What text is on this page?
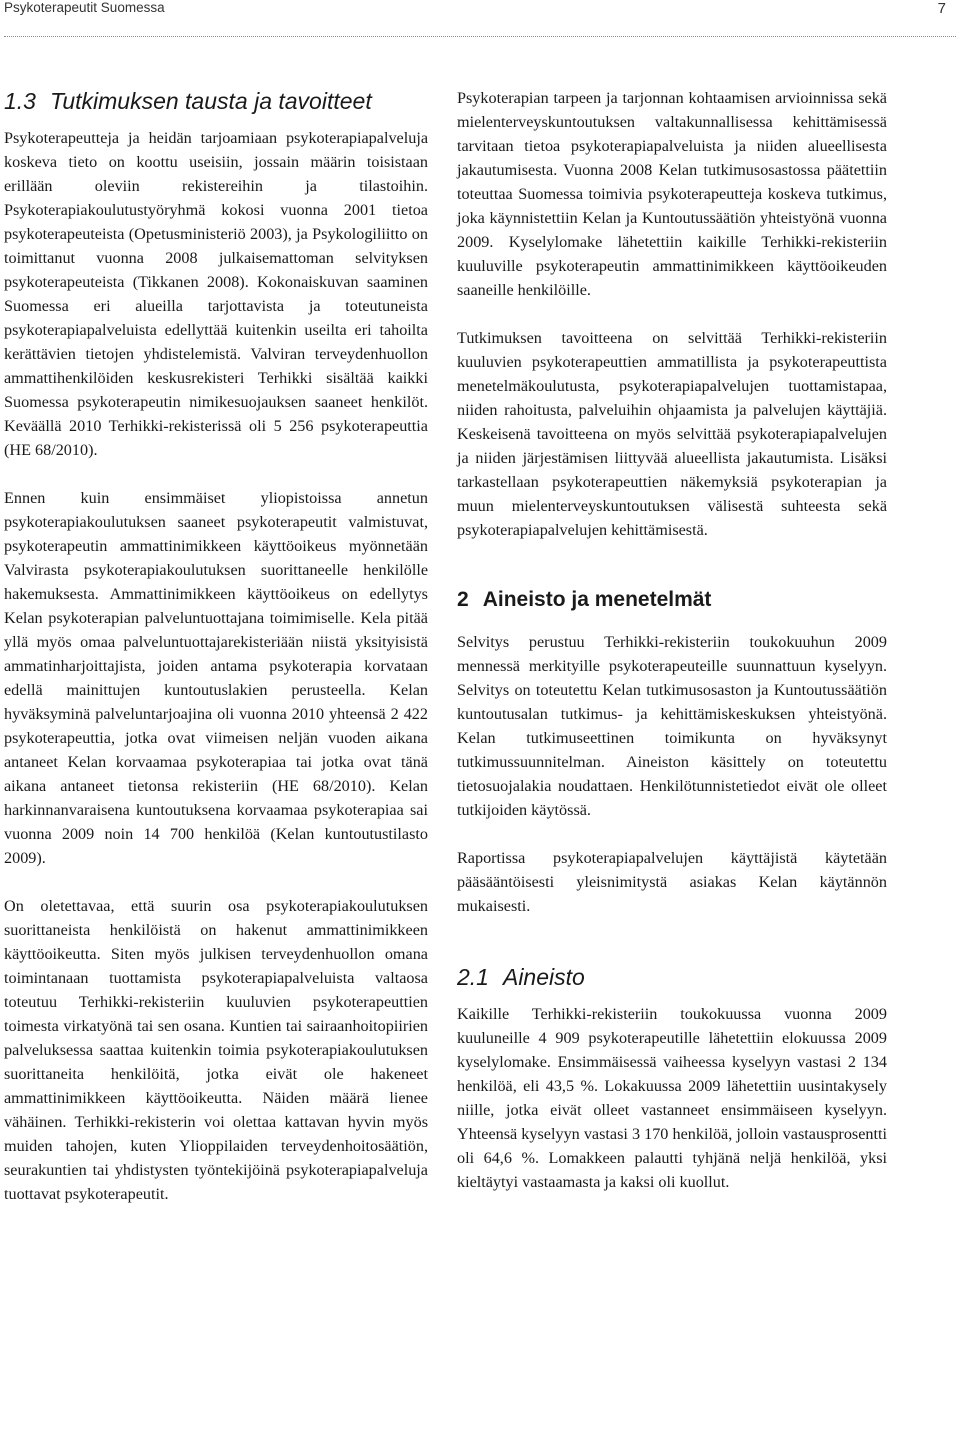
Psykoterapeutit Suomessa	7
1.3 Tutkimuksen tausta ja tavoitteet

Psykoterapeutteja ja heidän tarjoamiaan psykoterapiapalveluja koskeva tieto on koottu useisiin, jossain määrin toisistaan erillään oleviin rekistereihin ja tilastoihin. Psykoterapiakoulutustyöryhmä kokosi vuonna 2001 tietoa psykoterapeuteista (Opetusministeriö 2003), ja Psykologiliitto on toimittanut vuonna 2008 julkaisemattoman selvityksen psykoterapeuteista (Tikkanen 2008). Kokonaiskuvan saaminen Suomessa eri alueilla tarjottavista ja toteutuneista psykoterapiapalveluista edellyttää kuitenkin useilta eri tahoilta kerättävien tietojen yhdistelemistä. Valviran terveydenhuollon ammattihenkilöiden keskusrekisteri Terhikki sisältää kaikki Suomessa psykoterapeutin nimikesuojauksen saaneet henkilöt. Keväällä 2010 Terhikki-rekisterissä oli 5 256 psykoterapeuttia (HE 68/2010).

Ennen kuin ensimmäiset yliopistoissa annetun psykoterapiakoulutuksen saaneet psykoterapeutit valmistuvat, psykoterapeutin ammattinimikkeen käyttöoikeus myönnetään Valvirasta psykoterapiakoulutuksen suorittaneelle henkilölle hakemuksesta. Ammattinimikkeen käyttöoikeus on edellytys Kelan psykoterapian palveluntuottajana toimimiselle. Kela pitää yllä myös omaa palveluntuottajarekisteriään niistä yksityisistä ammatinharjoittajista, joiden antama psykoterapia korvataan edellä mainittujen kuntoutuslakien perusteella. Kelan hyväksyminä palveluntarjoajina oli vuonna 2010 yhteensä 2 422 psykoterapeuttia, jotka ovat viimeisen neljän vuoden aikana antaneet Kelan korvaamaa psykoterapiaa tai jotka ovat tänä aikana antaneet tietonsa rekisteriin (HE 68/2010). Kelan harkinnanvaraisena kuntoutuksena korvaamaa psykoterapiaa sai vuonna 2009 noin 14 700 henkilöä (Kelan kuntoutustilasto 2009).

On oletettavaa, että suurin osa psykoterapiakoulutuksen suorittaneista henkilöistä on hakenut ammattinimikkeen käyttöoikeutta. Siten myös julkisen terveydenhuollon omana toimintanaan tuottamista psykoterapiapalveluista valtaosa toteutuu Terhikki-rekisteriin kuuluvien psykoterapeuttien toimesta virkatyönä tai sen osana. Kuntien tai sairaanhoitopiirien palveluksessa saattaa kuitenkin toimia psykoterapiakoulutuksen suorittaneita henkilöitä, jotka eivät ole hakeneet ammattinimikkeen käyttöoikeutta. Näiden määrä lienee vähäinen. Terhikki-rekisterin voi olettaa kattavan hyvin myös muiden tahojen, kuten Ylioppilaiden terveydenhoitosäätiön, seurakuntien tai yhdistysten työntekijöinä psykoterapiapalveluja tuottavat psykoterapeutit.

Psykoterapian tarpeen ja tarjonnan kohtaamisen arvioinnissa sekä mielenterveyskuntoutuksen valtakunnallisessa kehittämisessä tarvitaan tietoa psykoterapiapalveluista ja niiden alueellisesta jakautumisesta. Vuonna 2008 Kelan tutkimusosastossa päätettiin toteuttaa Suomessa toimivia psykoterapeutteja koskeva tutkimus, joka käynnistettiin Kelan ja Kuntoutussäätiön yhteistyönä vuonna 2009. Kyselylomake lähetettiin kaikille Terhikki-rekisteriin kuuluville psykoterapeutin ammattinimikkeen käyttöoikeuden saaneille henkilöille.

Tutkimuksen tavoitteena on selvittää Terhikki-rekisteriin kuuluvien psykoterapeuttien ammatillista ja psykoterapeuttista menetelmäkoulutusta, psykoterapiapalvelujen tuottamistapaa, niiden rahoitusta, palveluihin ohjaamista ja palvelujen käyttäjiä. Keskeisenä tavoitteena on myös selvittää psykoterapiapalvelujen ja niiden järjestämisen liittyvää alueellista jakautumista. Lisäksi tarkastellaan psykoterapeuttien näkemyksiä psykoterapian ja muun mielenterveyskuntoutuksen välisestä suhteesta sekä psykoterapiapalvelujen kehittämisestä.

2 Aineisto ja menetelmät

Selvitys perustuu Terhikki-rekisteriin toukokuuhun 2009 mennessä merkityille psykoterapeuteille suunnattuun kyselyyn. Selvitys on toteutettu Kelan tutkimusosaston ja Kuntoutussäätiön kuntoutusalan tutkimus- ja kehittämiskeskuksen yhteistyönä. Kelan tutkimuseettinen toimikunta on hyväksynyt tutkimussuunnitelman. Aineiston käsittely on toteutettu tietosuojalakia noudattaen. Henkilötunnistetiedot eivät ole olleet tutkijoiden käytössä.

Raportissa psykoterapiapalvelujen käyttäjistä käytetään pääsääntöisesti yleisnimitystä asiakas Kelan käytännön mukaisesti.

2.1 Aineisto

Kaikille Terhikki-rekisteriin toukokuussa vuonna 2009 kuuluneille 4 909 psykoterapeutille lähetettiin elokuussa 2009 kyselylomake. Ensimmäisessä vaiheessa kyselyyn vastasi 2 134 henkilöä, eli 43,5 %. Lokakuussa 2009 lähetettiin uusintakysely niille, jotka eivät olleet vastanneet ensimmäiseen kyselyyn. Yhteensä kyselyyn vastasi 3 170 henkilöä, jolloin vastausprosentti oli 64,6 %. Lomakkeen palautti tyhjänä neljä henkilöä, yksi kieltäytyi vastaamasta ja kaksi oli kuollut.
